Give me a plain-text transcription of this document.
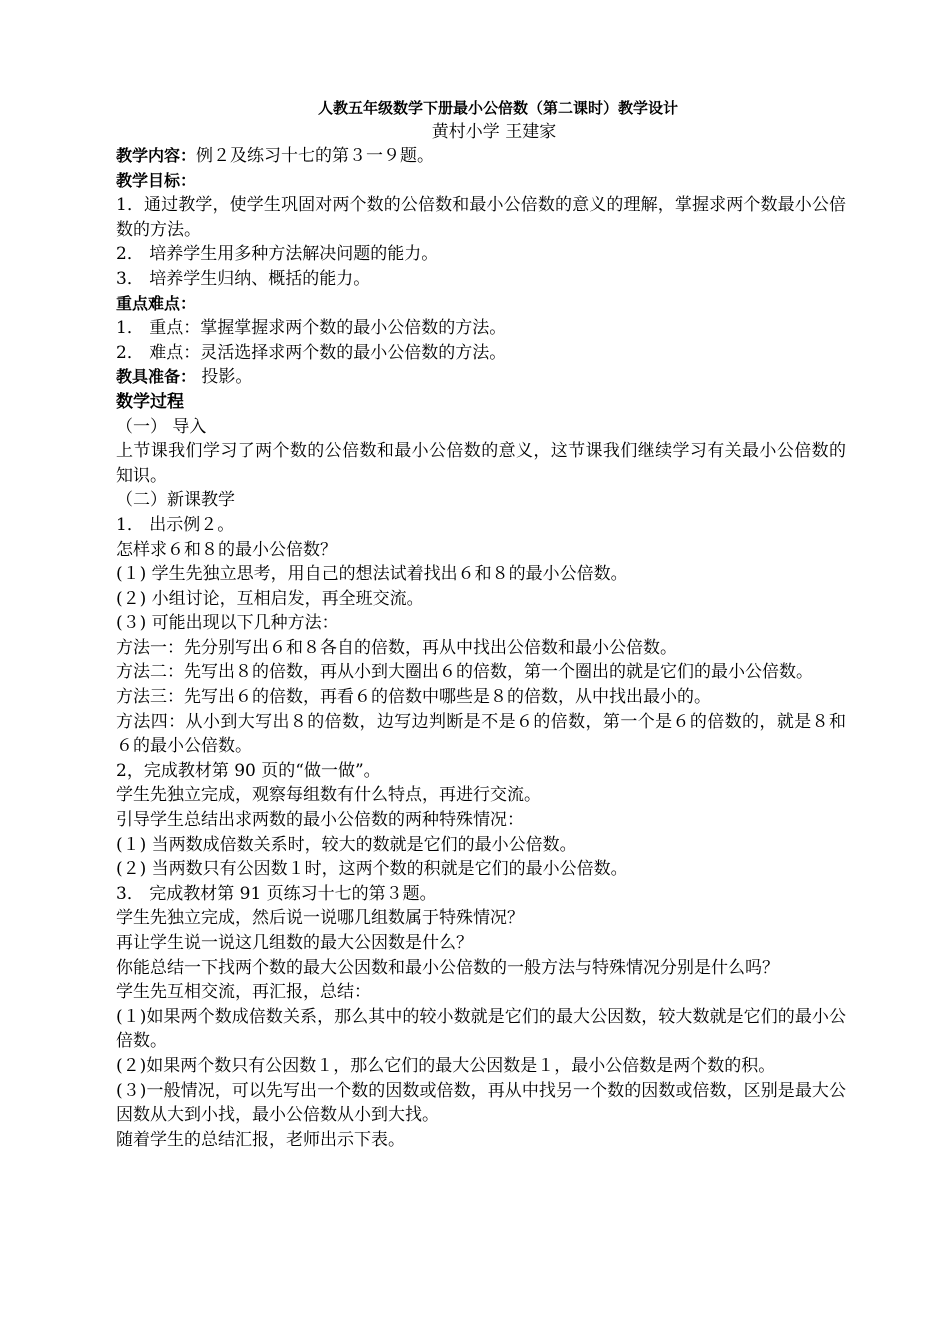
人教五年级数学下册最小公倍数（第二课时）教学设计
黄村小学 王建家

教学内容：例２及练习十七的第３一９题。

教学目标：

1．通过教学，使学生巩固对两个数的公倍数和最小公倍数的意义的理解，掌握求两个数最小公倍数的方法。

2． 培养学生用多种方法解决问题的能力。

3． 培养学生归纳、概括的能力。

重点难点：

1． 重点：掌握掌握求两个数的最小公倍数的方法。

2． 难点：灵活选择求两个数的最小公倍数的方法。

教具准备： 投影。

数学过程

（一） 导入

上节课我们学习了两个数的公倍数和最小公倍数的意义，这节课我们继续学习有关最小公倍数的知识。

（二）新课教学

1． 出示例２。

怎样求６和８的最小公倍数？

(１) 学生先独立思考，用自己的想法试着找出６和８的最小公倍数。

(２) 小组讨论，互相启发，再全班交流。

(３) 可能出现以下几种方法：

方法一：先分别写出６和８各自的倍数，再从中找出公倍数和最小公倍数。

方法二：先写出８的倍数，再从小到大圈出６的倍数，第一个圈出的就是它们的最小公倍数。

方法三：先写出６的倍数，再看６的倍数中哪些是８的倍数，从中找出最小的。

方法四：从小到大写出８的倍数，边写边判断是不是６的倍数，第一个是６的倍数的，就是８和６的最小公倍数。

2，完成教材第 90 页的“做一做”。

学生先独立完成，观察每组数有什么特点，再进行交流。

引导学生总结出求两数的最小公倍数的两种特殊情况：

(１) 当两数成倍数关系时，较大的数就是它们的最小公倍数。

(２) 当两数只有公因数１时，这两个数的积就是它们的最小公倍数。

3． 完成教材第 91 页练习十七的第３题。

学生先独立完成，然后说一说哪几组数属于特殊情况？

再让学生说一说这几组数的最大公因数是什么？

你能总结一下找两个数的最大公因数和最小公倍数的一般方法与特殊情况分别是什么吗？

学生先互相交流，再汇报，总结：

(１)如果两个数成倍数关系，那么其中的较小数就是它们的最大公因数，较大数就是它们的最小公倍数。

(２)如果两个数只有公因数１，那么它们的最大公因数是１，最小公倍数是两个数的积。

(３)一般情况，可以先写出一个数的因数或倍数，再从中找另一个数的因数或倍数，区别是最大公因数从大到小找，最小公倍数从小到大找。

随着学生的总结汇报，老师出示下表。
